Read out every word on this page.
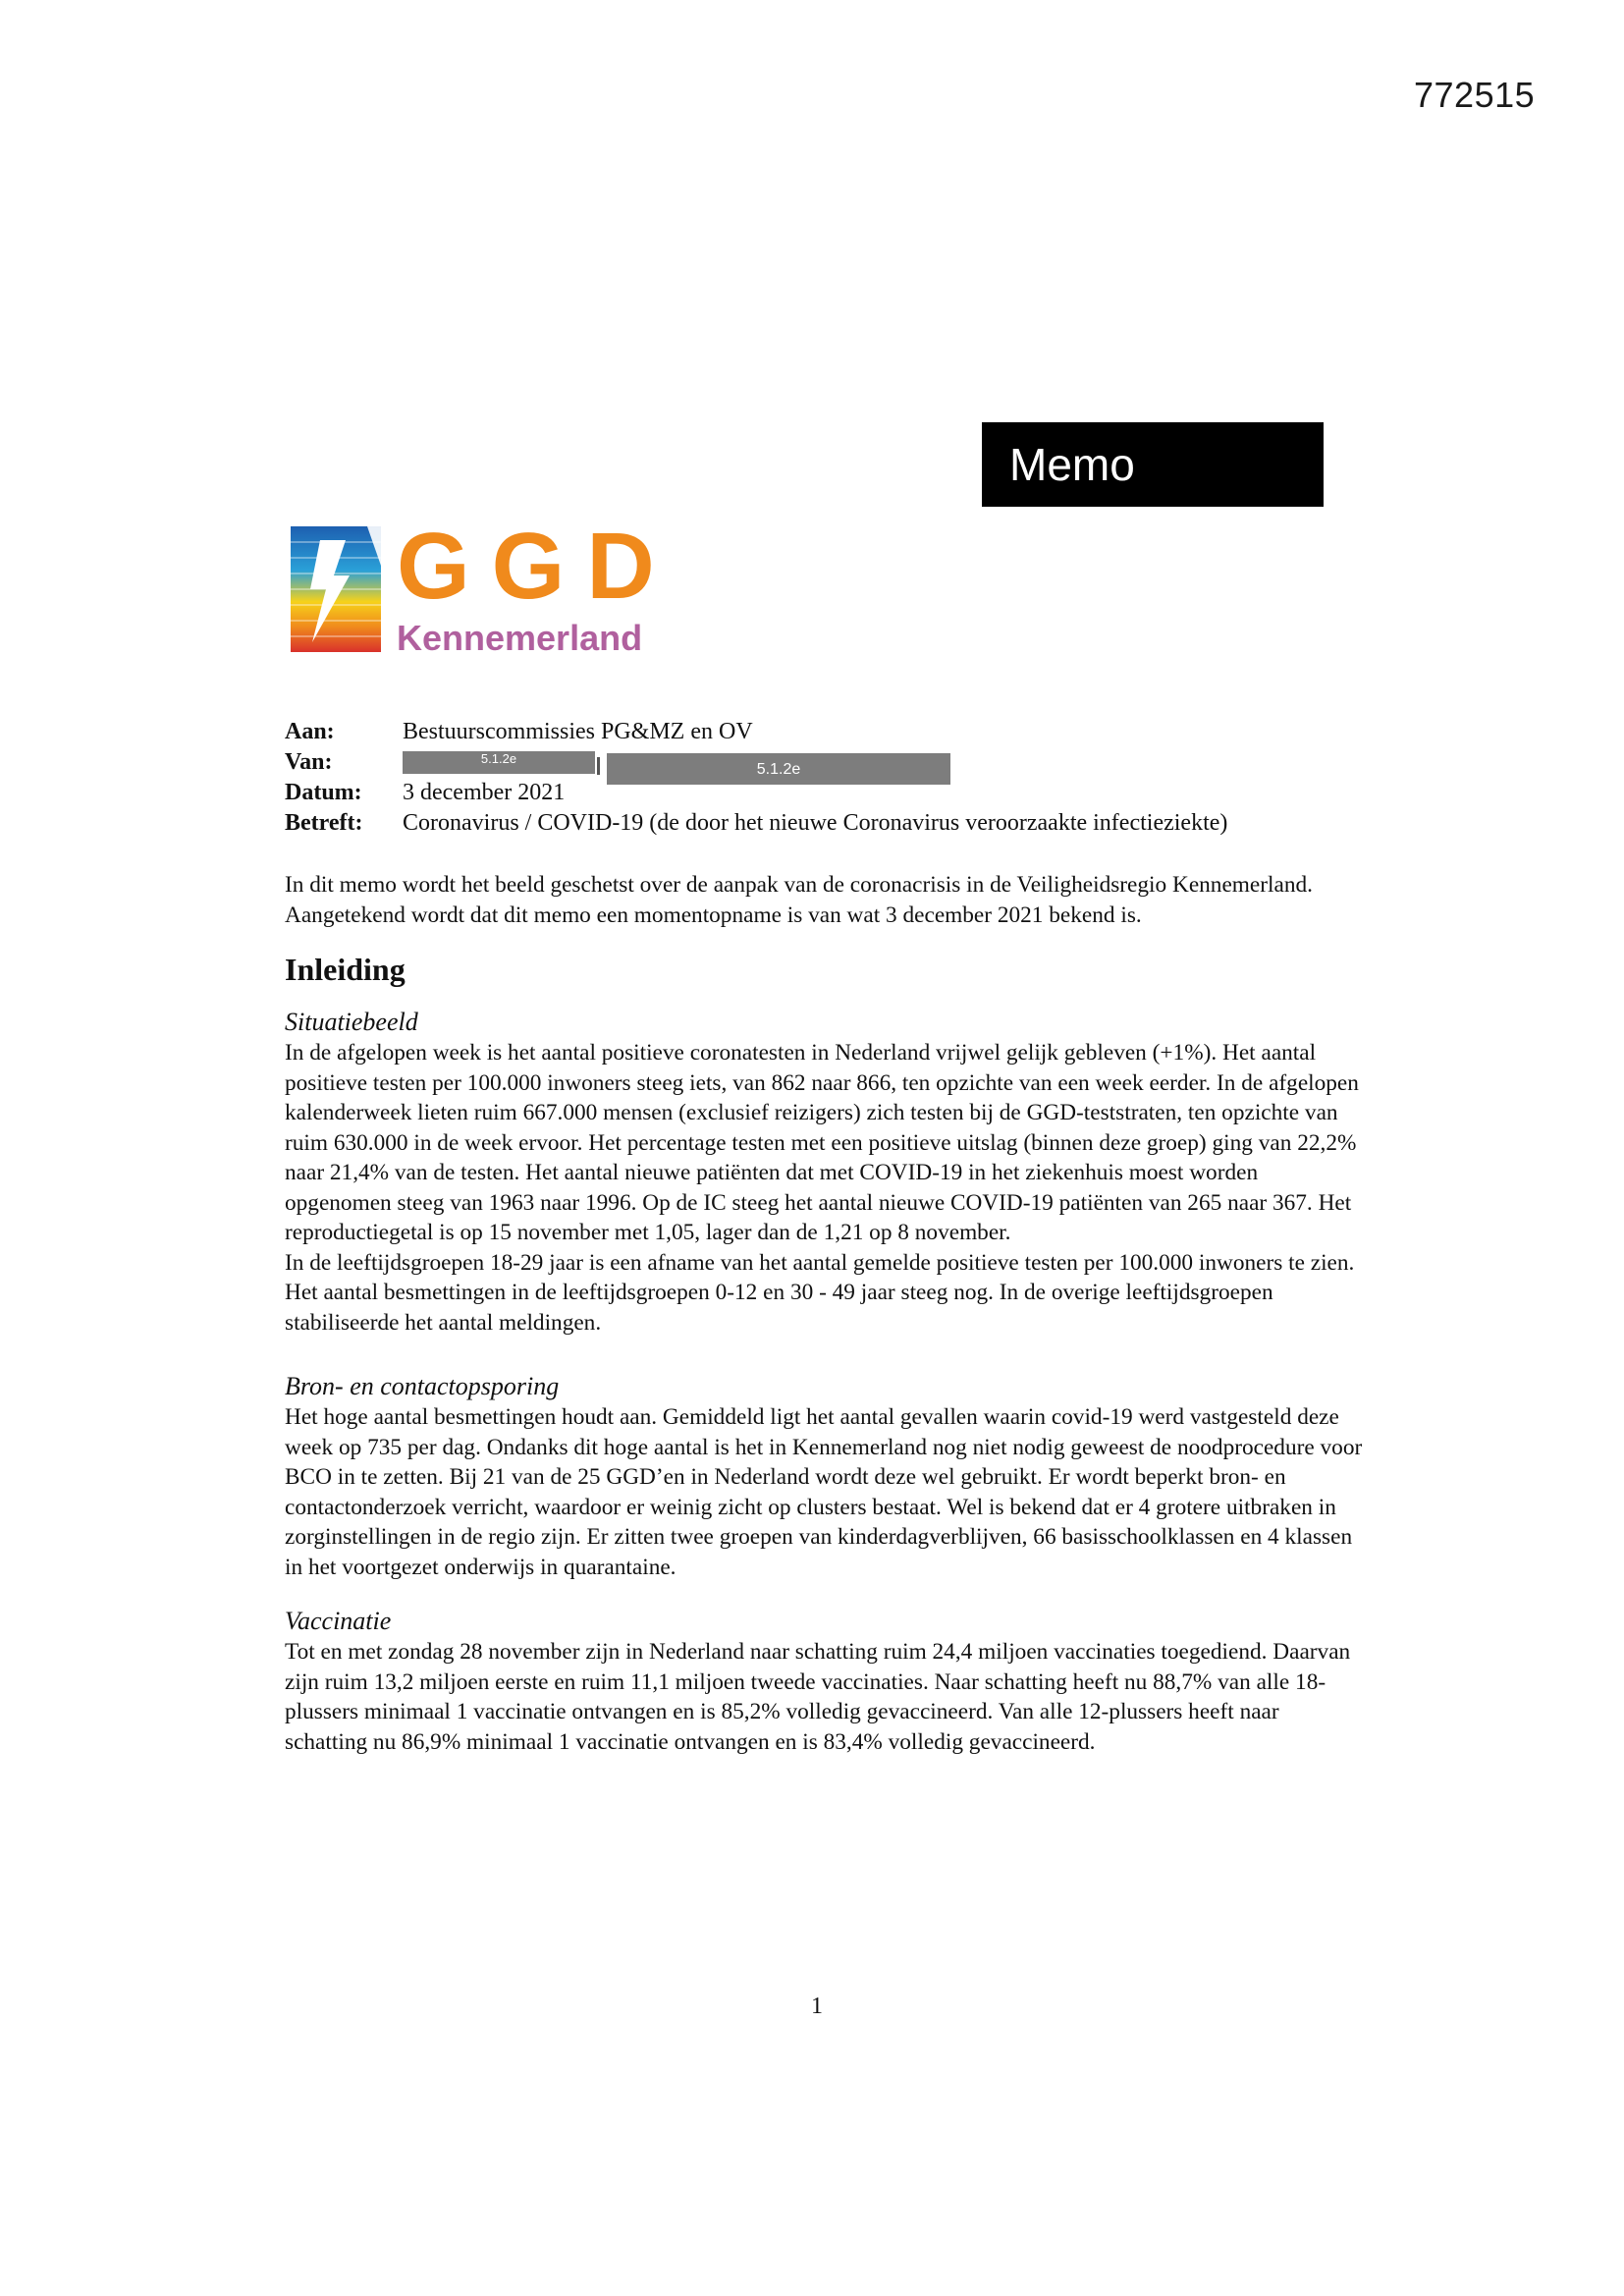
772515
Memo
GGD
Kennemerland
Aan:	Bestuurscommissies PG&MZ en OV
Van:	5.1.2e
5.1.2e
Datum: 3 december 2021
Betreft: Coronavirus / COVID-19 (de door het nieuwe Coronavirus veroorzaakte infectieziekte)

In dit memo wordt het beeld geschetst over de aanpak van de coronacrisis in de Veiligheidsregio Kennemerland. Aangetekend wordt dat dit memo een momentopname is van wat 3 december 2021 bekend is.

Inleiding
Situatiebeeld

In de afgelopen week is het aantal positieve coronatesten in Nederland vrijwel gelijk gebleven (+1%). Het aantal positieve testen per 100.000 inwoners steeg iets, van 862 naar 866, ten opzichte van een week eerder. In de afgelopen kalenderweek lieten ruim 667.000 mensen (exclusief reizigers) zich testen bij de GGD-teststraten, ten opzichte van ruim 630.000 in de week ervoor. Het percentage testen met een positieve uitslag (binnen deze groep) ging van 22,2% naar 21,4% van de testen. Het aantal nieuwe patiënten dat met COVID-19 in het ziekenhuis moest worden opgenomen steeg van 1963 naar 1996. Op de IC steeg het aantal nieuwe COVID-19 patiënten van 265 naar 367. Het reproductiegetal is op 15 november met 1,05, lager dan de 1,21 op 8 november.

In de leeftijdsgroepen 18-29 jaar is een afname van het aantal gemelde positieve testen per 100.000 inwoners te zien. Het aantal besmettingen in de leeftijdsgroepen 0-12 en 30 - 49 jaar steeg nog. In de overige leeftijdsgroepen stabiliseerde het aantal meldingen.

Bron- en contactopsporing

Het hoge aantal besmettingen houdt aan. Gemiddeld ligt het aantal gevallen waarin covid-19 werd vastgesteld deze week op 735 per dag. Ondanks dit hoge aantal is het in Kennemerland nog niet nodig geweest de noodprocedure voor BCO in te zetten. Bij 21 van de 25 GGD’en in Nederland wordt deze wel gebruikt. Er wordt beperkt bron- en contactonderzoek verricht, waardoor er weinig zicht op clusters bestaat. Wel is bekend dat er 4 grotere uitbraken in zorginstellingen in de regio zijn. Er zitten twee groepen van kinderdagverblijven, 66 basisschoolklassen en 4 klassen in het voortgezet onderwijs in quarantaine.

Vaccinatie

Tot en met zondag 28 november zijn in Nederland naar schatting ruim 24,4 miljoen vaccinaties toegediend. Daarvan zijn ruim 13,2 miljoen eerste en ruim 11,1 miljoen tweede vaccinaties. Naar schatting heeft nu 88,7% van alle 18-plussers minimaal 1 vaccinatie ontvangen en is 85,2% volledig gevaccineerd. Van alle 12-plussers heeft naar schatting nu 86,9% minimaal 1 vaccinatie ontvangen en is 83,4% volledig gevaccineerd.

1
